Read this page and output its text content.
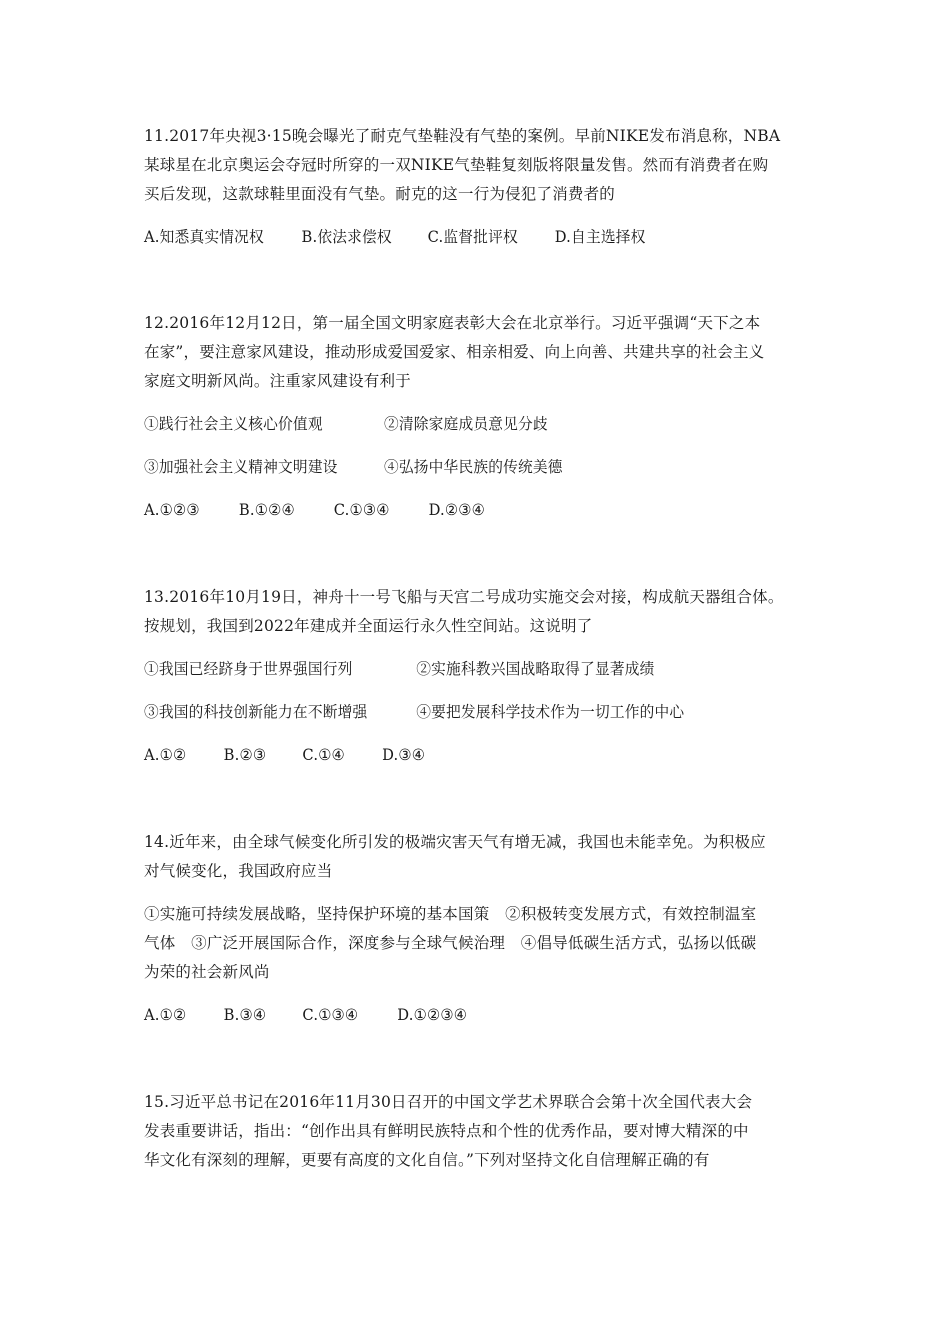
11.2017年央视3·15晚会曝光了耐克气垫鞋没有气垫的案例。早前NIKE发布消息称，NBA
某球星在北京奥运会夺冠时所穿的一双NIKE气垫鞋复刻版将限量发售。然而有消费者在购
买后发现，这款球鞋里面没有气垫。耐克的这一行为侵犯了消费者的
A.知悉真实情况权 B.依法求偿权 C.监督批评权 D.自主选择权
12.2016年12月12日，第一届全国文明家庭表彰大会在北京举行。习近平强调“天下之本
在家”，要注意家风建设，推动形成爱国爱家、相亲相爱、向上向善、共建共享的社会主义
家庭文明新风尚。注重家风建设有利于
①践行社会主义核心价值观	②清除家庭成员意见分歧
③加强社会主义精神文明建设	④弘扬中华民族的传统美德
A.①②③	B.①②④	C.①③④	D.②③④
13.2016年10月19日，神舟十一号飞船与天宫二号成功实施交会对接，构成航天器组合体。
按规划，我国到2022年建成并全面运行永久性空间站。这说明了
①我国已经跻身于世界强国行列	②实施科教兴国战略取得了显著成绩
③我国的科技创新能力在不断增强	④要把发展科学技术作为一切工作的中心
A.①② B.②③ C.①④ D.③④
14.近年来，由全球气候变化所引发的极端灾害天气有增无减，我国也未能幸免。为积极应
对气候变化，我国政府应当
①实施可持续发展战略，坚持保护环境的基本国策　②积极转变发展方式，有效控制温室
气体　③广泛开展国际合作，深度参与全球气候治理　④倡导低碳生活方式，弘扬以低碳
为荣的社会新风尚
A.①② B.③④ C.①③④	D.①②③④
15.习近平总书记在2016年11月30日召开的中国文学艺术界联合会第十次全国代表大会
发表重要讲话，指出：“创作出具有鲜明民族特点和个性的优秀作品，要对博大精深的中
华文化有深刻的理解，更要有高度的文化自信。”下列对坚持文化自信理解正确的有
